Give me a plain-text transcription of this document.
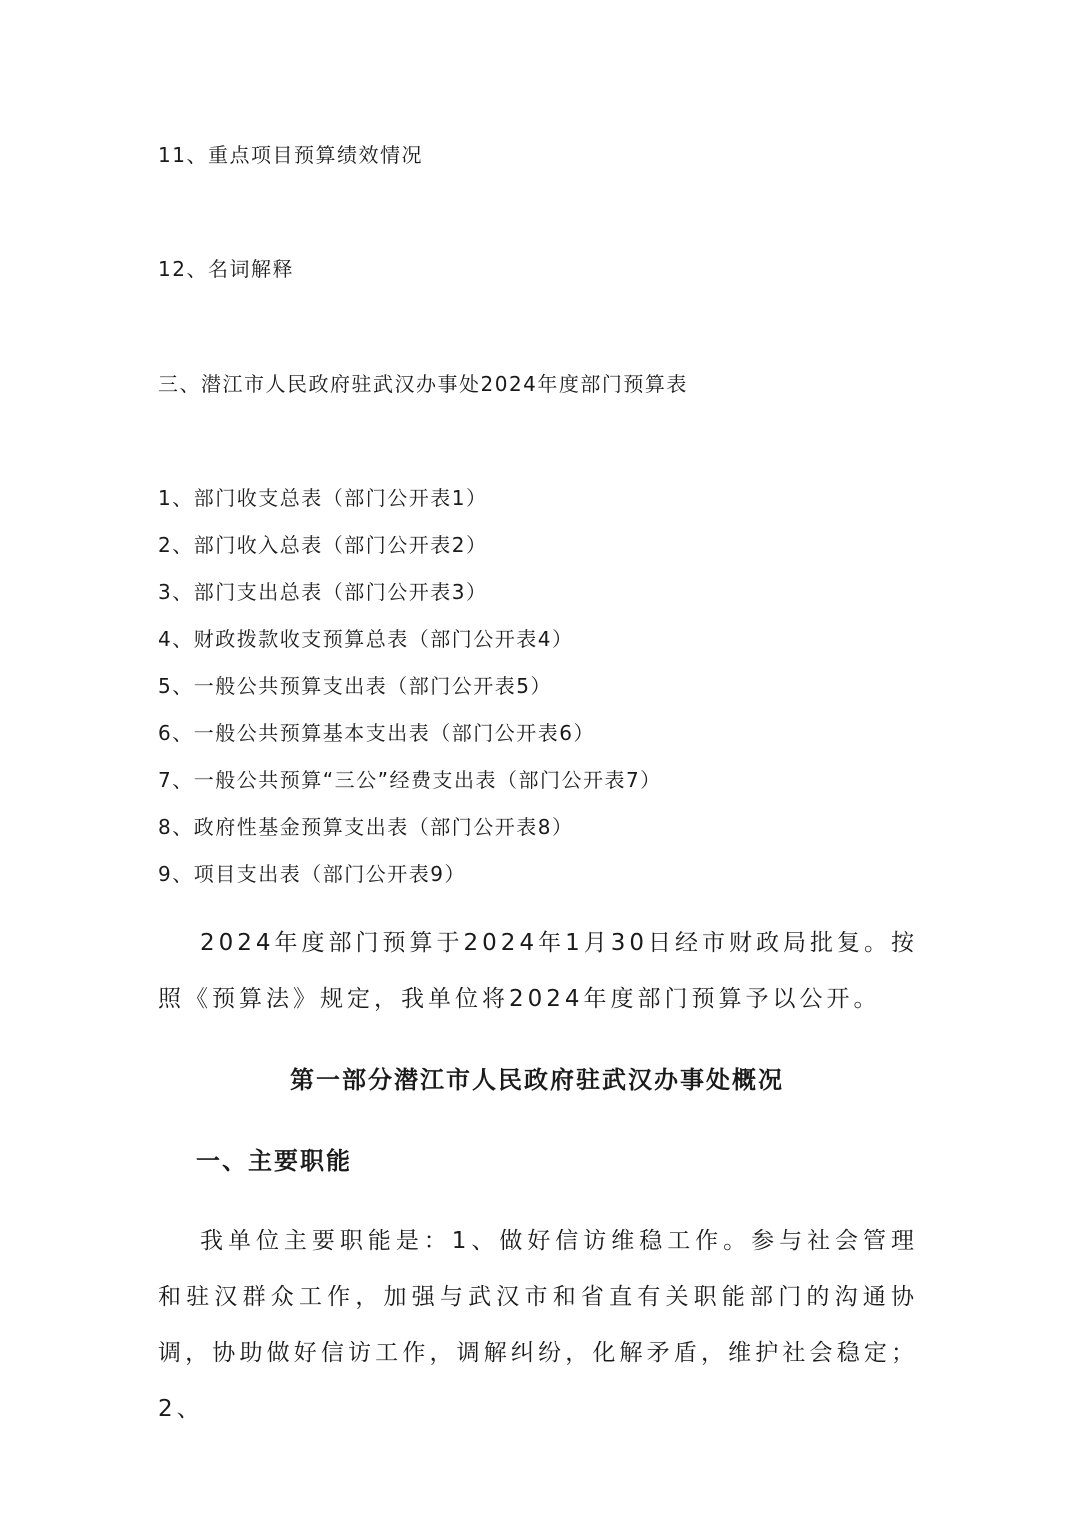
11、重点项目预算绩效情况
12、名词解释
三、潜江市人民政府驻武汉办事处2024年度部门预算表
1、部门收支总表（部门公开表1）
2、部门收入总表（部门公开表2）
3、部门支出总表（部门公开表3）
4、财政拨款收支预算总表（部门公开表4）
5、一般公共预算支出表（部门公开表5）
6、一般公共预算基本支出表（部门公开表6）
7、一般公共预算“三公”经费支出表（部门公开表7）
8、政府性基金预算支出表（部门公开表8）
9、项目支出表（部门公开表9）
2024年度部门预算于2024年1月30日经市财政局批复。按照《预算法》规定，我单位将2024年度部门预算予以公开。
第一部分潜江市人民政府驻武汉办事处概况
一、主要职能
我单位主要职能是：1、做好信访维稳工作。参与社会管理和驻汉群众工作，加强与武汉市和省直有关职能部门的沟通协调，协助做好信访工作，调解纠纷，化解矛盾，维护社会稳定；2、
